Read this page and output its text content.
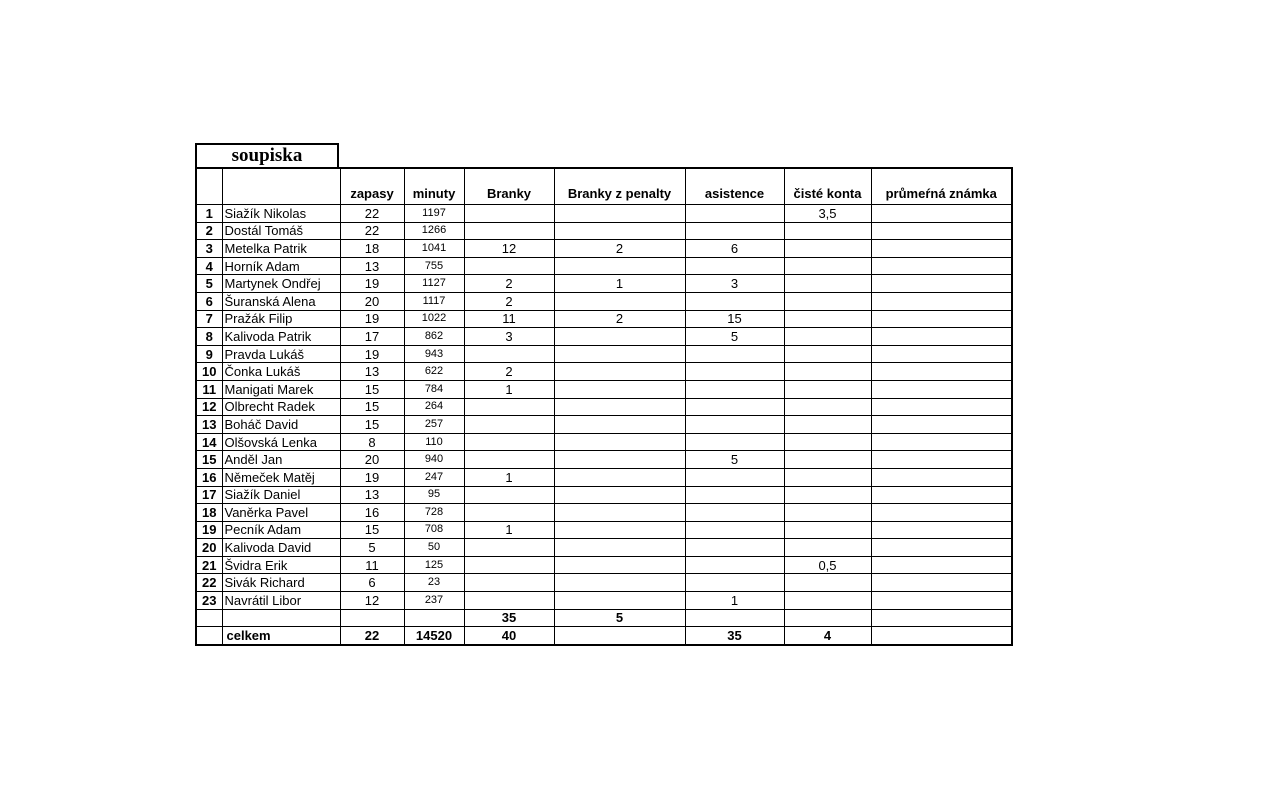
soupiska
		zapasy	minuty	Branky	Branky z penalty	asistence	čisté konta	průmeŕná známka
1	Siažík Nikolas	22	1197				3,5	
2	Dostál Tomáš	22	1266					
3	Metelka Patrik	18	1041	12	2	6		
4	Horník Adam	13	755					
5	Martynek Ondřej	19	1127	2	1	3		
6	Šuranská Alena	20	1117	2				
7	Pražák Filip	19	1022	11	2	15		
8	Kalivoda Patrik	17	862	3		5		
9	Pravda Lukáš	19	943					
10	Čonka Lukáš	13	622	2				
11	Manigati Marek	15	784	1				
12	Olbrecht Radek	15	264					
13	Boháč David	15	257					
14	Olšovská Lenka	8	110					
15	Anděl Jan	20	940			5		
16	Němeček Matěj	19	247	1				
17	Siažík Daniel	13	95					
18	Vaněrka Pavel	16	728					
19	Pecník Adam	15	708	1				
20	Kalivoda David	5	50					
21	Švidra Erik	11	125				0,5	
22	Sivák Richard	6	23					
23	Navrátil Libor	12	237			1		
				35	5			
	celkem	22	14520	40		35	4	
